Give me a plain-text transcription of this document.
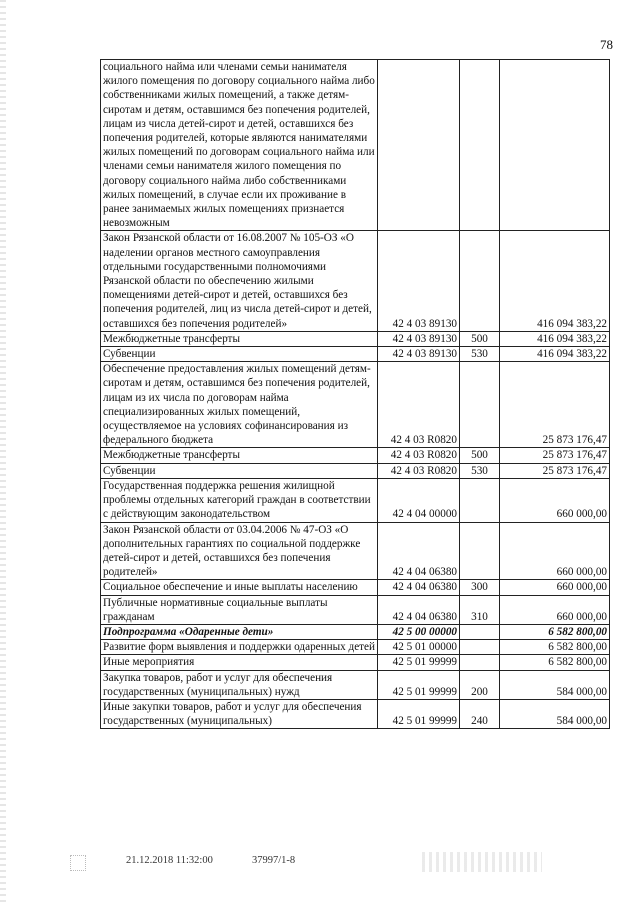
78
социального найма или членами семьи нанимателя жилого помещения по договору социального найма либо собственниками жилых помещений, а также детям-сиротам и детям, оставшимся без попечения родителей, лицам из числа детей-сирот и детей, оставшихся без попечения родителей, которые являются нанимателями жилых помещений по договорам социального найма или членами семьи нанимателя жилого помещения по договору социального найма либо собственниками жилых помещений, в случае если их проживание в ранее занимаемых жилых помещениях признается невозможным			
Закон Рязанской области от 16.08.2007 № 105-ОЗ «О наделении органов местного самоуправления отдельными государственными полномочиями Рязанской области по обеспечению жилыми помещениями детей-сирот и детей, оставшихся без попечения родителей, лиц из числа детей-сирот и детей, оставшихся без попечения родителей»	42 4 03 89130		416 094 383,22
Межбюджетные трансферты	42 4 03 89130	500	416 094 383,22
Субвенции	42 4 03 89130	530	416 094 383,22
Обеспечение предоставления жилых помещений детям-сиротам и детям, оставшимся без попечения родителей, лицам из их числа по договорам найма специализированных жилых помещений, осуществляемое на условиях софинансирования из федерального бюджета	42 4 03 R0820		25 873 176,47
Межбюджетные трансферты	42 4 03 R0820	500	25 873 176,47
Субвенции	42 4 03 R0820	530	25 873 176,47
Государственная поддержка решения жилищной проблемы отдельных категорий граждан в соответствии с действующим законодательством	42 4 04 00000		660 000,00
Закон Рязанской области от 03.04.2006 № 47-ОЗ «О дополнительных гарантиях по социальной поддержке детей-сирот и детей, оставшихся без попечения родителей»	42 4 04 06380		660 000,00
Социальное обеспечение и иные выплаты населению	42 4 04 06380	300	660 000,00
Публичные нормативные социальные выплаты гражданам	42 4 04 06380	310	660 000,00
Подпрограмма «Одаренные дети»	42 5 00 00000		6 582 800,00
Развитие форм выявления и поддержки одаренных детей	42 5 01 00000		6 582 800,00
Иные мероприятия	42 5 01 99999		6 582 800,00
Закупка товаров, работ и услуг для обеспечения государственных (муниципальных) нужд	42 5 01 99999	200	584 000,00
Иные закупки товаров, работ и услуг для обеспечения государственных (муниципальных)	42 5 01 99999	240	584 000,00
21.12.2018 11:32:00	37997/1-8
